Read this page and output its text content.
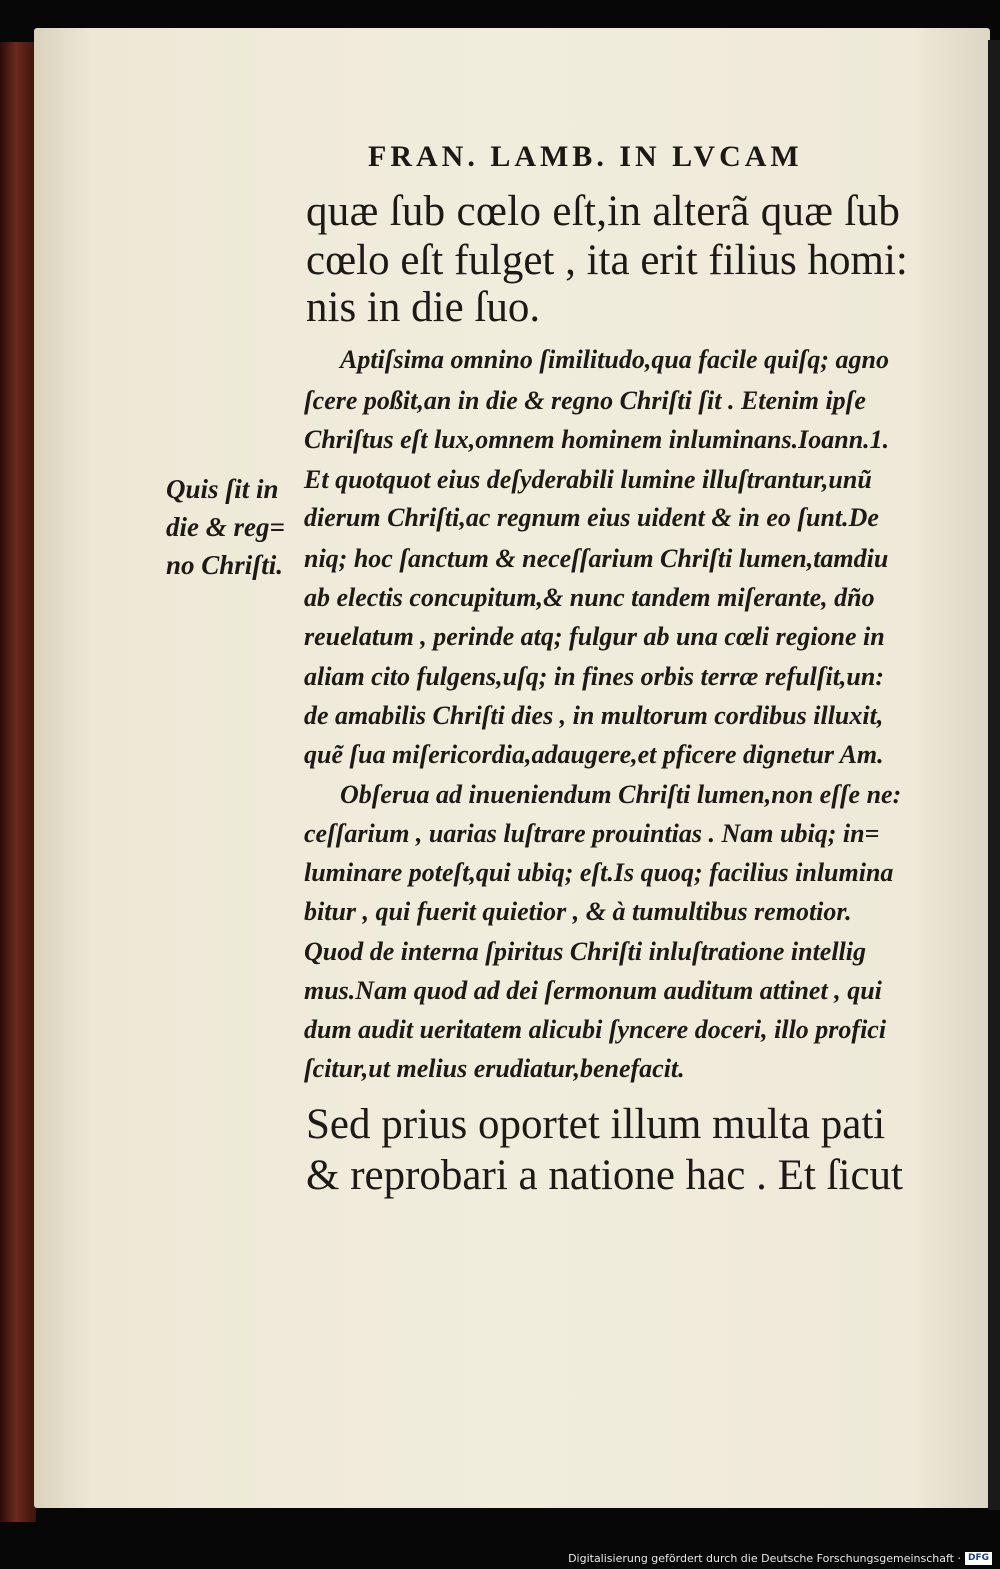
FRAN. LAMB. IN LVCAM
quæ ſub cœlo eſt,in alterã quæ ſub
cœlo eſt fulget , ita erit filius homi:
nis in die ſuo.
Quis ſit in
die & reg=
no Chriſti.
Aptiſsima omnino ſimilitudo,qua facile quiſq; agno
ſcere poßit,an in die & regno Chriſti ſit . Etenim ipſe
Chriſtus eſt lux,omnem hominem inluminans.Ioann.1.
Et quotquot eius deſyderabili lumine illuſtrantur,unũ
dierum Chriſti,ac regnum eius uident & in eo ſunt.De
niq; hoc ſanctum & neceſſarium Chriſti lumen,tamdiu
ab electis concupitum,& nunc tandem miſerante, dño
reuelatum , perinde atq; fulgur ab una cœli regione in
aliam cito fulgens,uſq; in fines orbis terræ refulſit,un:
de amabilis Chriſti dies , in multorum cordibus illuxit,
quẽ ſua miſericordia,adaugere,et pficere dignetur Am.
Obſerua ad inueniendum Chriſti lumen,non eſſe ne:
ceſſarium , uarias luſtrare prouintias . Nam ubiq; in=
luminare poteſt,qui ubiq; eſt.Is quoq; facilius inlumina
bitur , qui fuerit quietior , & à tumultibus remotior.
Quod de interna ſpiritus Chriſti inluſtratione intellig
mus.Nam quod ad dei ſermonum auditum attinet , qui
dum audit ueritatem alicubi ſyncere doceri, illo profici
ſcitur,ut melius erudiatur,benefacit.
Sed prius oportet illum multa pati
& reprobari a natione hac . Et ſicut
Digitalisierung gefördert durch die Deutsche Forschungsgemeinschaft · DFG
